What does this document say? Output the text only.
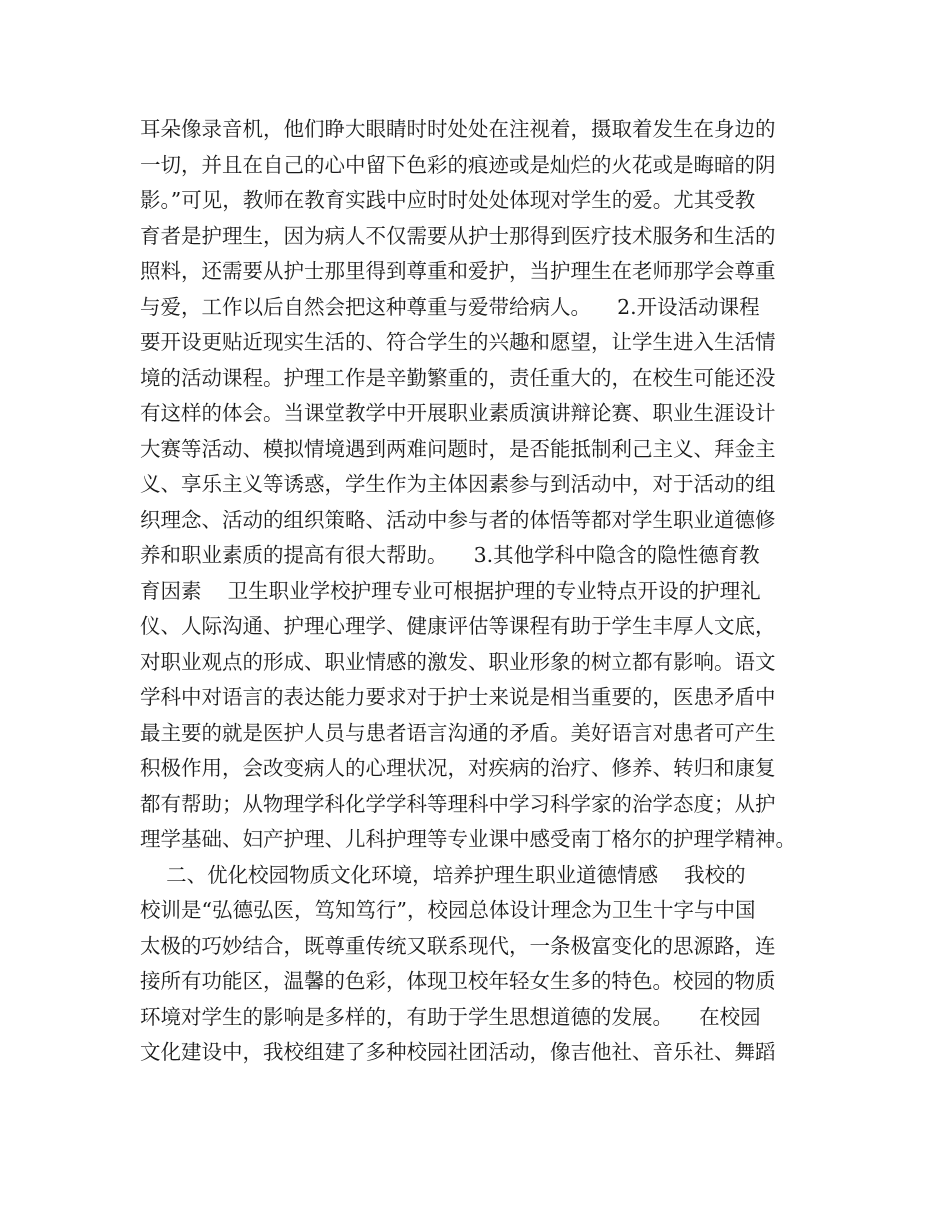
耳朵像录音机，他们睁大眼睛时时处处在注视着，摄取着发生在身边的
一切，并且在自己的心中留下色彩的痕迹或是灿烂的火花或是晦暗的阴
影。”可见，教师在教育实践中应时时处处体现对学生的爱。尤其受教
育者是护理生，因为病人不仅需要从护士那得到医疗技术服务和生活的
照料，还需要从护士那里得到尊重和爱护，当护理生在老师那学会尊重
与爱，工作以后自然会把这种尊重与爱带给病人。    2.开设活动课程
要开设更贴近现实生活的、符合学生的兴趣和愿望，让学生进入生活情
境的活动课程。护理工作是辛勤繁重的，责任重大的，在校生可能还没
有这样的体会。当课堂教学中开展职业素质演讲辩论赛、职业生涯设计
大赛等活动、模拟情境遇到两难问题时，是否能抵制利己主义、拜金主
义、享乐主义等诱惑，学生作为主体因素参与到活动中，对于活动的组
织理念、活动的组织策略、活动中参与者的体悟等都对学生职业道德修
养和职业素质的提高有很大帮助。    3.其他学科中隐含的隐性德育教
育因素    卫生职业学校护理专业可根据护理的专业特点开设的护理礼
仪、人际沟通、护理心理学、健康评估等课程有助于学生丰厚人文底，
对职业观点的形成、职业情感的激发、职业形象的树立都有影响。语文
学科中对语言的表达能力要求对于护士来说是相当重要的，医患矛盾中
最主要的就是医护人员与患者语言沟通的矛盾。美好语言对患者可产生
积极作用，会改变病人的心理状况，对疾病的治疗、修养、转归和康复
都有帮助；从物理学科化学学科等理科中学习科学家的治学态度；从护
理学基础、妇产护理、儿科护理等专业课中感受南丁格尔的护理学精神。
二、优化校园物质文化环境，培养护理生职业道德情感    我校的
校训是“弘德弘医，笃知笃行”，校园总体设计理念为卫生十字与中国
太极的巧妙结合，既尊重传统又联系现代，一条极富变化的思源路，连
接所有功能区，温馨的色彩，体现卫校年轻女生多的特色。校园的物质
环境对学生的影响是多样的，有助于学生思想道德的发展。    在校园
文化建设中，我校组建了多种校园社团活动，像吉他社、音乐社、舞蹈
